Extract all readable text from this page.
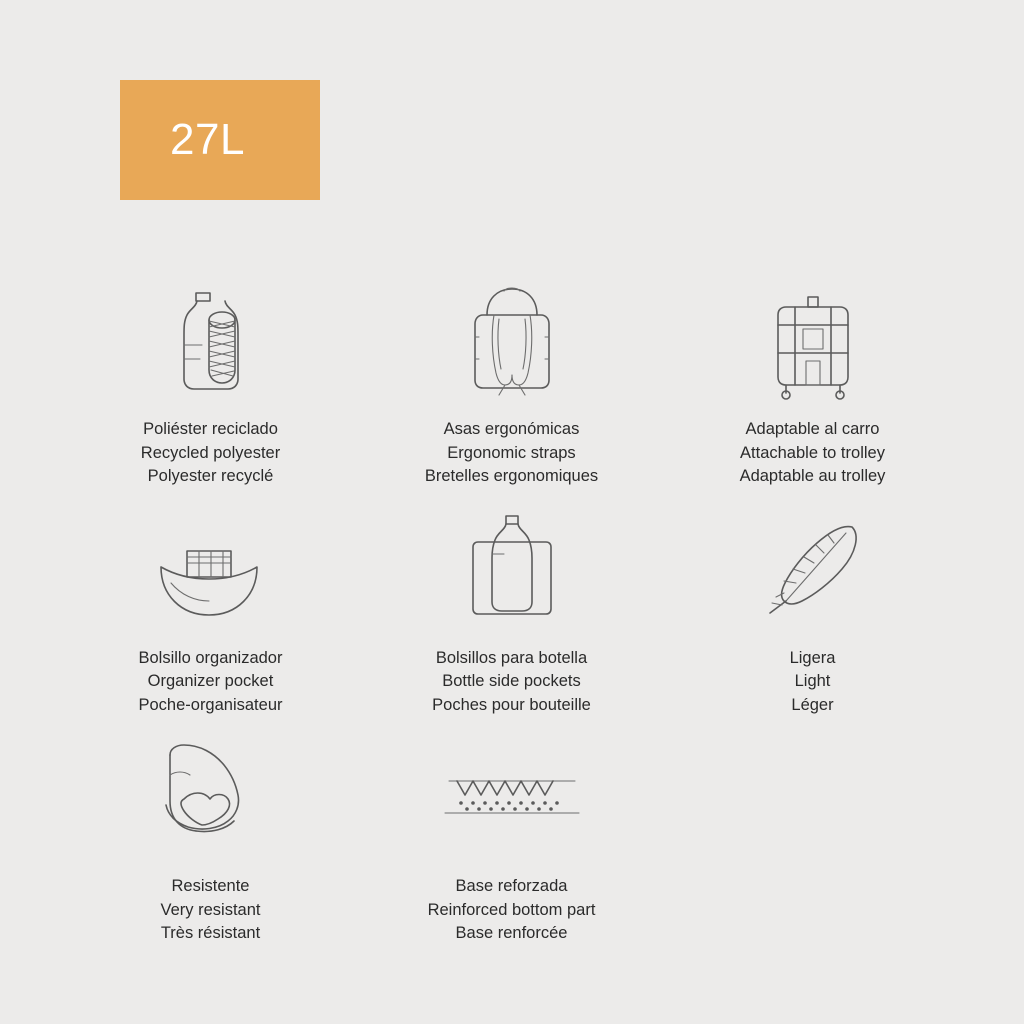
27L
Poliéster reciclado
Recycled polyester
Polyester recyclé
Asas ergonómicas
Ergonomic straps
Bretelles ergonomiques
Adaptable al carro
Attachable to trolley
Adaptable au trolley
Bolsillo organizador
Organizer pocket
Poche-organisateur
Bolsillos para botella
Bottle side pockets
Poches pour bouteille
Ligera
Light
Léger
Resistente
Very resistant
Très résistant
Base reforzada
Reinforced bottom part
Base renforcée
